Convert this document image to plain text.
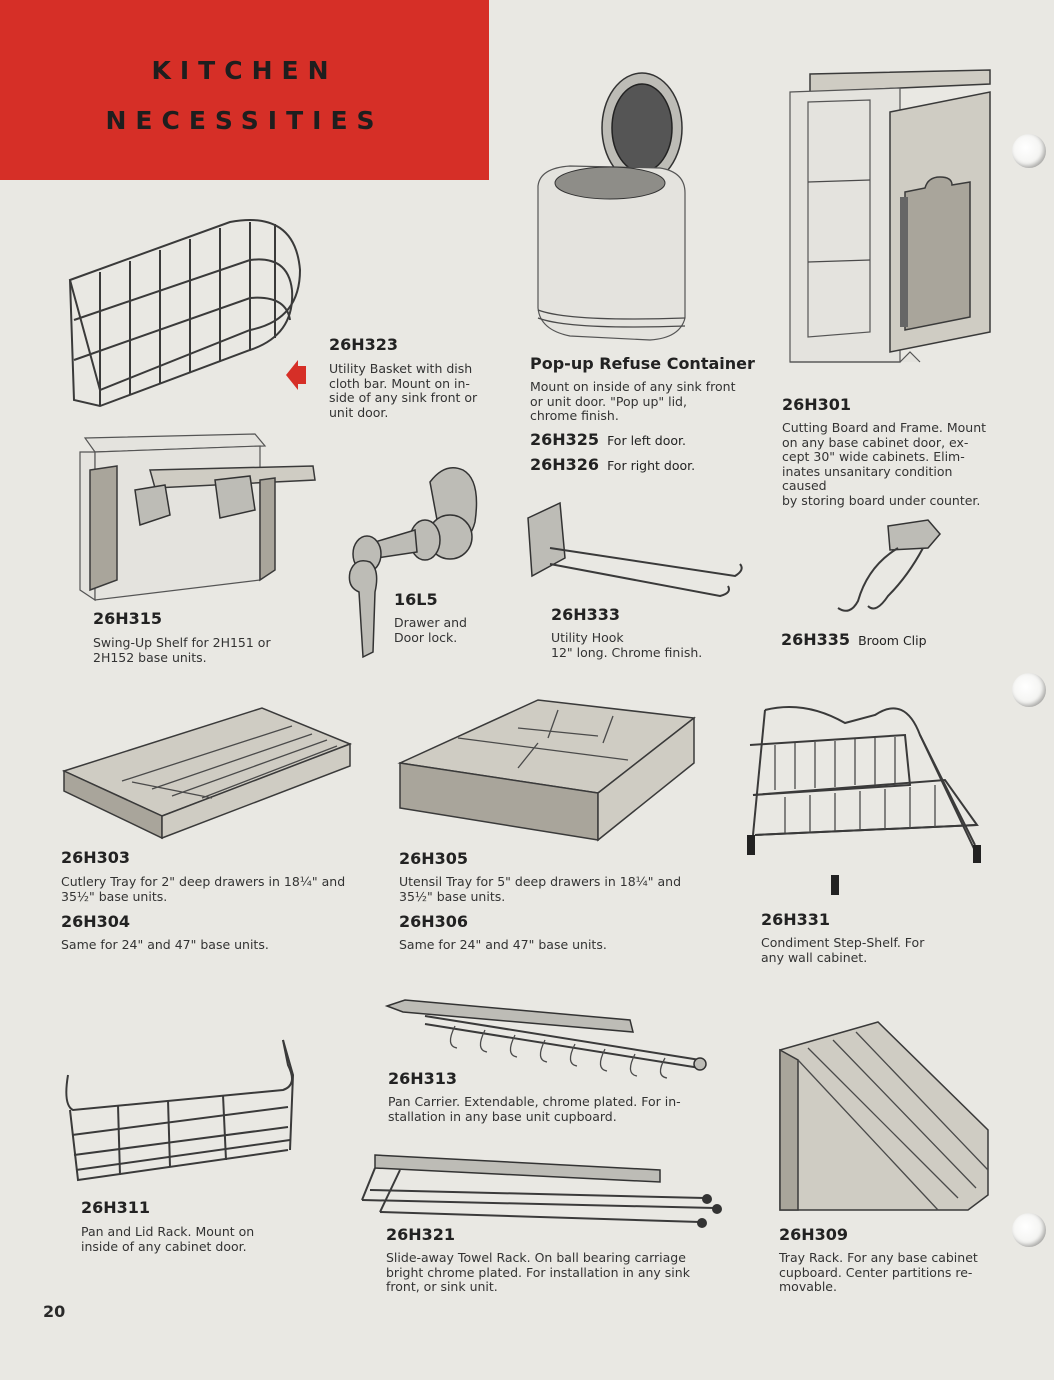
KITCHEN
NECESSITIES
26H323
Utility Basket with dish
cloth bar. Mount on in-
side of any sink front or
unit door.
Pop-up Refuse Container
Mount on inside of any sink front
or unit door. "Pop up" lid,
chrome finish.
26H325 For left door.
26H326 For right door.
26H301
Cutting Board and Frame. Mount
on any base cabinet door, ex-
cept 30" wide cabinets. Elim-
inates unsanitary condition caused
by storing board under counter.
26H315
Swing-Up Shelf for 2H151 or
2H152 base units.
16L5
Drawer and
Door lock.
26H333
Utility Hook
12" long. Chrome finish.
26H335 Broom Clip
26H303
Cutlery Tray for 2" deep drawers in 18¼" and
35½" base units.
26H304
Same for 24" and 47" base units.
26H305
Utensil Tray for 5" deep drawers in 18¼" and
35½" base units.
26H306
Same for 24" and 47" base units.
26H331
Condiment Step-Shelf. For
any wall cabinet.
26H313
Pan Carrier. Extendable, chrome plated. For in-
stallation in any base unit cupboard.
26H309
Tray Rack. For any base cabinet
cupboard. Center partitions re-
movable.
26H311
Pan and Lid Rack. Mount on
inside of any cabinet door.
26H321
Slide-away Towel Rack. On ball bearing carriage
bright chrome plated. For installation in any sink
front, or sink unit.
20
